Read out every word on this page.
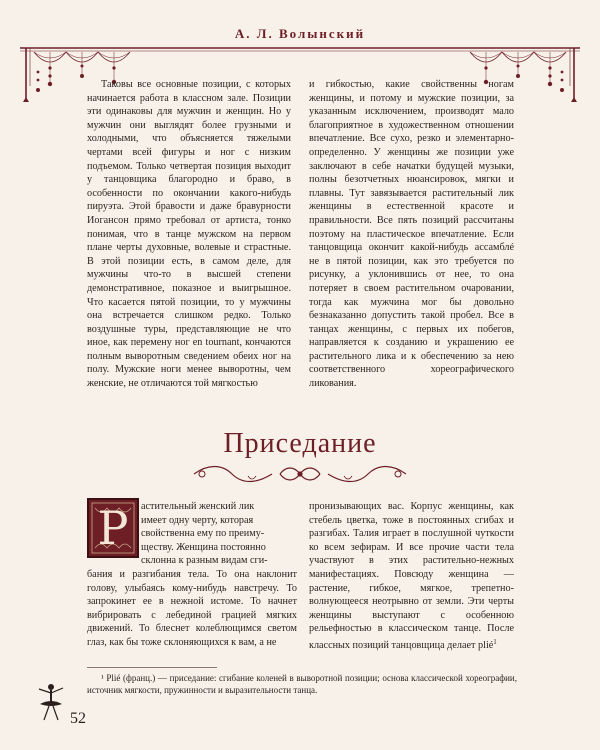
А. Л. Волынский

Таковы все основные позиции, с которых начинается работа в классном зале. Позиции эти одинаковы для мужчин и женщин. Но у мужчин они выглядят более грузными и холодными, что объясняется тяжелыми чертами всей фигуры и ног с низким подъемом. Только четвертая позиция выходит у танцовщика благородно и браво, в особенности по окончании какого-нибудь пируэта. Этой бравости и даже бравурности Иогансон прямо требовал от артиста, тонко понимая, что в танце мужском на первом плане черты духовные, волевые и страстные. В этой позиции есть, в самом деле, для мужчины что-то в высшей степени демонстративное, показное и выигрышное. Что касается пятой позиции, то у мужчины она встречается слишком редко. Только воздушные туры, представляющие не что иное, как перемену ног en tournant, кончаются полным выворотным сведением обеих ног на полу. Мужские ноги менее выворотны, чем женские, не отличаются той мягкостью

и гибкостью, какие свойственны ногам женщины, и потому и мужские позиции, за указанным исключением, производят мало благоприятное в художественном отношении впечатление. Все сухо, резко и элементарно-определенно. У женщины же позиции уже заключают в себе начатки будущей музыки, полны безотчетных нюансировок, мягки и плавны. Тут завязывается растительный лик женщины в естественной красоте и правильности. Все пять позиций рассчитаны поэтому на пластическое впечатление. Если танцовщица окончит какой-нибудь ассамблé не в пятой позиции, как это требуется по рисунку, а уклонившись от нее, то она потеряет в своем растительном очаровании, тогда как мужчина мог бы довольно безнаказанно допустить такой пробел. Все в танцах женщины, с первых их побегов, направляется к созданию и украшению ее растительного лика и к обеспечению за нею соответственного хореографического ликования.

Приседание
Р	астительный женский лик
имеет одну черту, которая
свойственна ему по преиму-
ществу. Женщина постоянно
склонна к разным видам сги-
бания и разгибания тела. То она наклонит голову, улыбаясь кому-нибудь навстречу. То запрокинет ее в нежной истоме. То начнет вибрировать с лебединой грацией мягких движений. То блеснет колеблющимся светом глаз, как бы тоже склоняющихся к вам, а не

пронизывающих вас. Корпус женщины, как стебель цветка, тоже в постоянных сгибах и разгибах. Талия играет в послушной чуткости ко всем зефирам. И все прочие части тела участвуют в этих растительно-нежных манифестациях. Повсюду женщина — растение, гибкое, мягкое, трепетно-волнующееся неотрывно от земли. Эти черты женщины выступают с особенною рельефностью в классическом танце. После классных позиций танцовщица делает plié$^1$

¹ Plié (франц.) — приседание: сгибание коленей в выворотной позиции; основа классической хореографии, источник мягкости, пружинности и выразительности танца.

52
